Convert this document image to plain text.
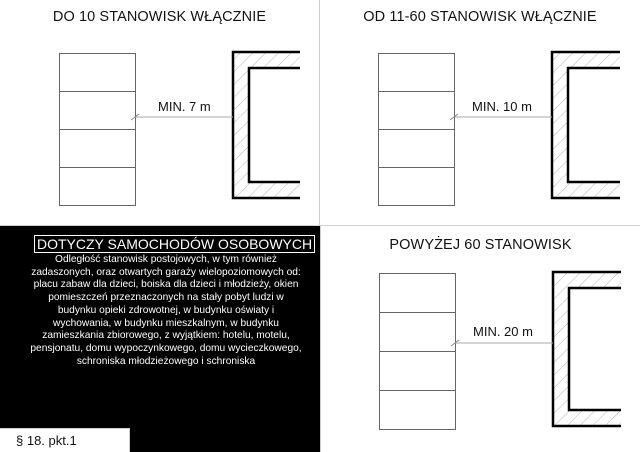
DO 10 STANOWISK WŁĄCZNIE
MIN. 7 m
OD 11-60 STANOWISK WŁĄCZNIE
MIN. 10 m
DOTYCZY SAMOCHODÓW OSOBOWYCH
Odległość stanowisk postojowych, w tym również zadaszonych, oraz otwartych garaży wielopoziomowych od: placu zabaw dla dzieci, boiska dla dzieci i młodzieży, okien pomieszczeń przeznaczonych na stały pobyt ludzi w budynku opieki zdrowotnej, w budynku oświaty i wychowania, w budynku mieszkalnym, w budynku zamieszkania zbiorowego, z wyjątkiem: hotelu, motelu, pensjonatu, domu wypoczynkowego, domu wycieczkowego, schroniska młodzieżowego i schroniska
POWYŻEJ 60 STANOWISK
MIN. 20 m
§ 18. pkt.1
